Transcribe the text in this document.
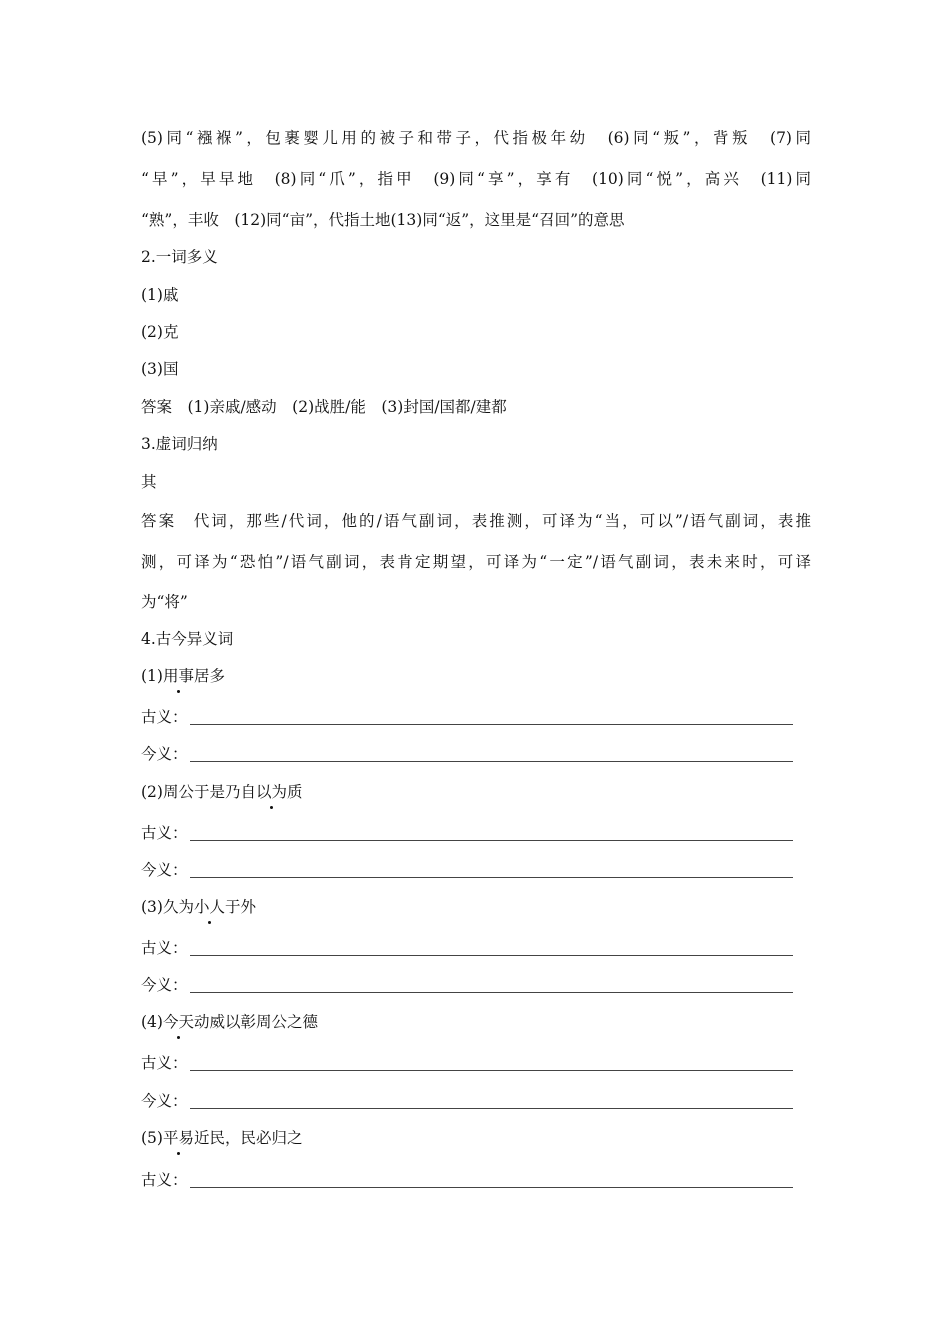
(5)同“襁褓”，包裹婴儿用的被子和带子，代指极年幼　(6)同“叛”，背叛　(7)同
“早”，早早地　(8)同“爪”，指甲　(9)同“享”，享有　(10)同“悦”，高兴　(11)同
“熟”，丰收　(12)同“亩”，代指土地(13)同“返”，这里是“召回”的意思
2.一词多义
(1)戚
(2)克
(3)国
答案　(1)亲戚/感动　(2)战胜/能　(3)封国/国都/建都
3.虚词归纳
其
答案　代词，那些/代词，他的/语气副词，表推测，可译为“当，可以”/语气副词，表推
测，可译为“恐怕”/语气副词，表肯定期望，可译为“一定”/语气副词，表未来时，可译
为“将”
4.古今异义词
(1)用事居多
古义：
今义：
(2)周公于是乃自以为质
古义：
今义：
(3)久为小人于外
古义：
今义：
(4)今天动威以彰周公之德
古义：
今义：
(5)平易近民，民必归之
古义：
